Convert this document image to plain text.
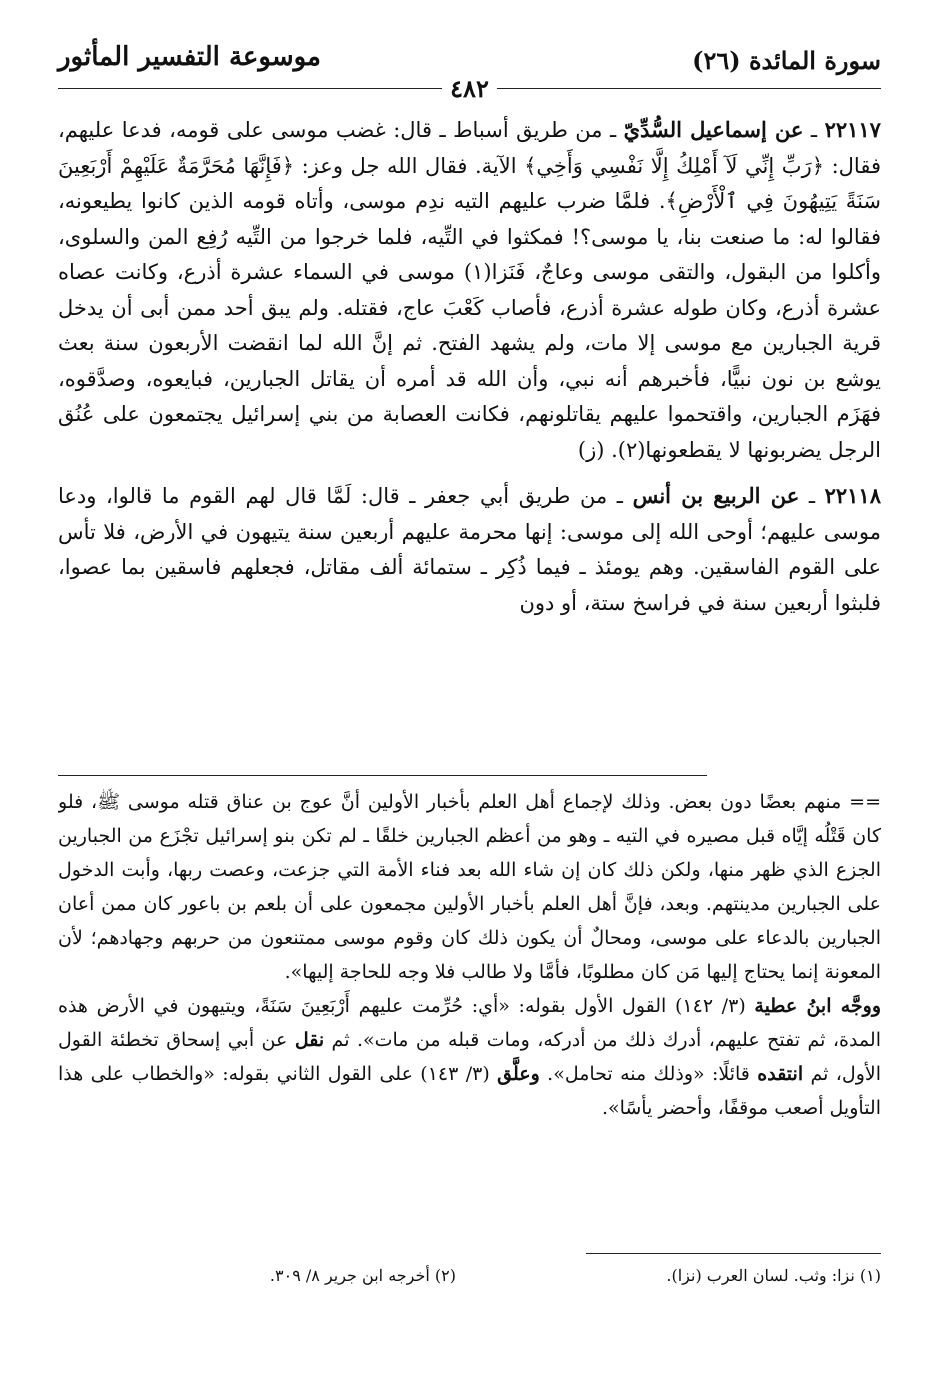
سورة المائدة (٢٦)
موسوعة التفسير المأثور
٤٨٢

٢٢١١٧ ـ عن إسماعيل السُّدِّيّ ـ من طريق أسباط ـ قال: غضب موسى على قومه، فدعا عليهم، فقال: ﴿رَبِّ إِنِّي لَآ أَمْلِكُ إِلَّا نَفْسِي وَأَخِي﴾ الآية. فقال الله جل وعز: ﴿فَإِنَّهَا مُحَرَّمَةٌ عَلَيْهِمْ أَرْبَعِينَ سَنَةً يَتِيهُونَ فِي ٱلْأَرْضِ﴾. فلمَّا ضرب عليهم التيه ندِم موسى، وأتاه قومه الذين كانوا يطيعونه، فقالوا له: ما صنعت بنا، يا موسى؟! فمكثوا في التِّيه، فلما خرجوا من التِّيه رُفِع المن والسلوى، وأكلوا من البقول، والتقى موسى وعاجٌ، فَنَزا(١) موسى في السماء عشرة أذرع، وكانت عصاه عشرة أذرع، وكان طوله عشرة أذرع، فأصاب كَعْبَ عاج، فقتله. ولم يبق أحد ممن أبى أن يدخل قرية الجبارين مع موسى إلا مات، ولم يشهد الفتح. ثم إنَّ الله لما انقضت الأربعون سنة بعث يوشع بن نون نبيًّا، فأخبرهم أنه نبي، وأن الله قد أمره أن يقاتل الجبارين، فبايعوه، وصدَّقوه، فهَزَم الجبارين، واقتحموا عليهم يقاتلونهم، فكانت العصابة من بني إسرائيل يجتمعون على عُنُق الرجل يضربونها لا يقطعونها(٢). (ز)

٢٢١١٨ ـ عن الربيع بن أنس ـ من طريق أبي جعفر ـ قال: لَمَّا قال لهم القوم ما قالوا، ودعا موسى عليهم؛ أوحى الله إلى موسى: إنها محرمة عليهم أربعين سنة يتيهون في الأرض، فلا تأس على القوم الفاسقين. وهم يومئذ ـ فيما ذُكِر ـ ستمائة ألف مقاتل، فجعلهم فاسقين بما عصوا، فلبثوا أربعين سنة في فراسخ ستة، أو دون

== منهم بعضًا دون بعض. وذلك لإجماع أهل العلم بأخبار الأولين أنَّ عوج بن عناق قتله موسى ﷺ، فلو كان قَتْلُه إيَّاه قبل مصيره في التيه ـ وهو من أعظم الجبارين خلقًا ـ لم تكن بنو إسرائيل تجْزَع من الجبارين الجزع الذي ظهر منها، ولكن ذلك كان إن شاء الله بعد فناء الأمة التي جزعت، وعصت ربها، وأبت الدخول على الجبارين مدينتهم. وبعد، فإنَّ أهل العلم بأخبار الأولين مجمعون على أن بلعم بن باعور كان ممن أعان الجبارين بالدعاء على موسى، ومحالٌ أن يكون ذلك كان وقوم موسى ممتنعون من حربهم وجهادهم؛ لأن المعونة إنما يحتاج إليها مَن كان مطلوبًا، فأمَّا ولا طالب فلا وجه للحاجة إليها».

ووجَّه ابنُ عطية (٣/ ١٤٢) القول الأول بقوله: «أي: حُرِّمت عليهم أَرْبَعِينَ سَنَةً، ويتيهون في الأرض هذه المدة، ثم تفتح عليهم، أدرك ذلك من أدركه، ومات قبله من مات». ثم نقل عن أبي إسحاق تخطئة القول الأول، ثم انتقده قائلًا: «وذلك منه تحامل». وعلَّق (٣/ ١٤٣) على القول الثاني بقوله: «والخطاب على هذا التأويل أصعب موقفًا، وأحضر يأسًا».

(١) نزا: وثب. لسان العرب (نزا).
(٢) أخرجه ابن جرير ٨/ ٣٠٩.
